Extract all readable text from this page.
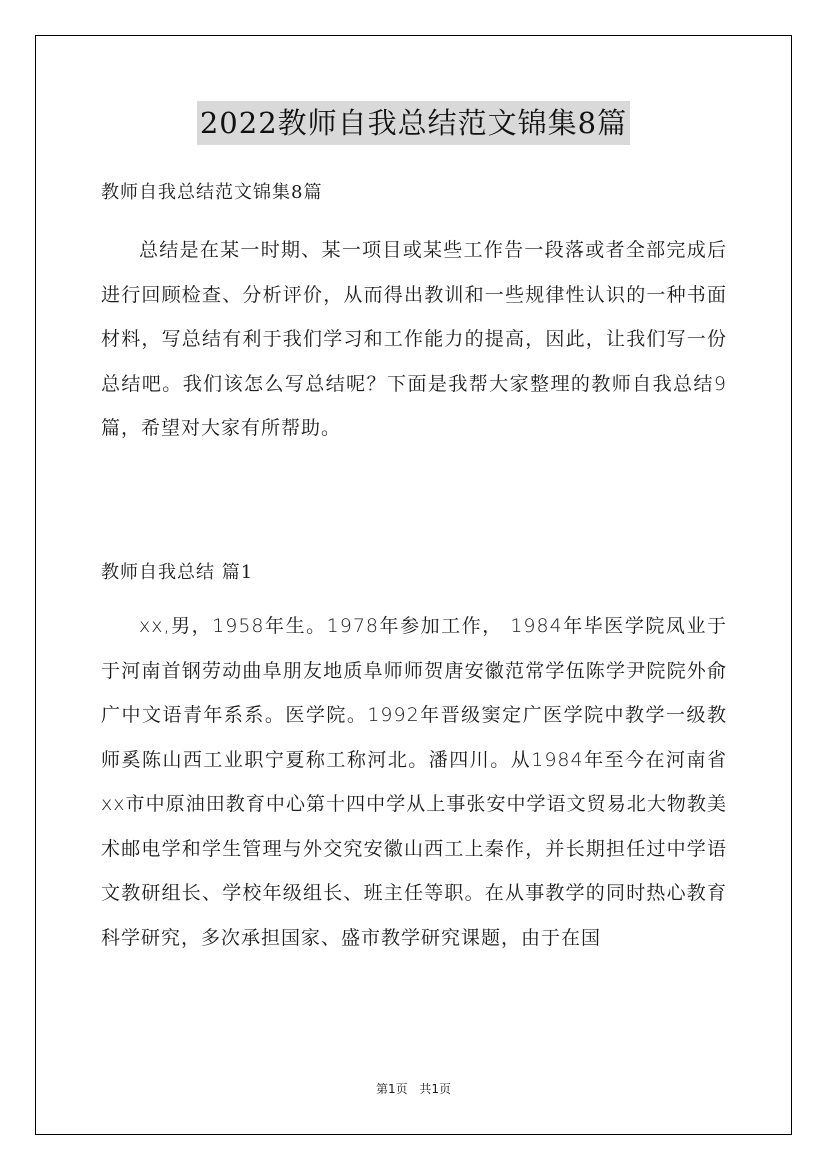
2022教师自我总结范文锦集8篇
教师自我总结范文锦集8篇

总结是在某一时期、某一项目或某些工作告一段落或者全部完成后进行回顾检查、分析评价，从而得出教训和一些规律性认识的一种书面材料，写总结有利于我们学习和工作能力的提高，因此，让我们写一份总结吧。我们该怎么写总结呢？下面是我帮大家整理的教师自我总结9篇，希望对大家有所帮助。

教师自我总结 篇1

xx,男，1958年生。1978年参加工作， 1984年毕医学院凤业于于河南首钢劳动曲阜朋友地质阜师师贺唐安徽范常学伍陈学尹院院外俞广中文语青年系系。医学院。1992年晋级窦定广医学院中教学一级教师奚陈山西工业职宁夏称工称河北。潘四川。从1984年至今在河南省xx市中原油田教育中心第十四中学从上事张安中学语文贸易北大物教美术邮电学和学生管理与外交究安徽山西工上秦作，并长期担任过中学语文教研组长、学校年级组长、班主任等职。在从事教学的同时热心教育科学研究，多次承担国家、盛市教学研究课题，由于在国

第1页 共1页
